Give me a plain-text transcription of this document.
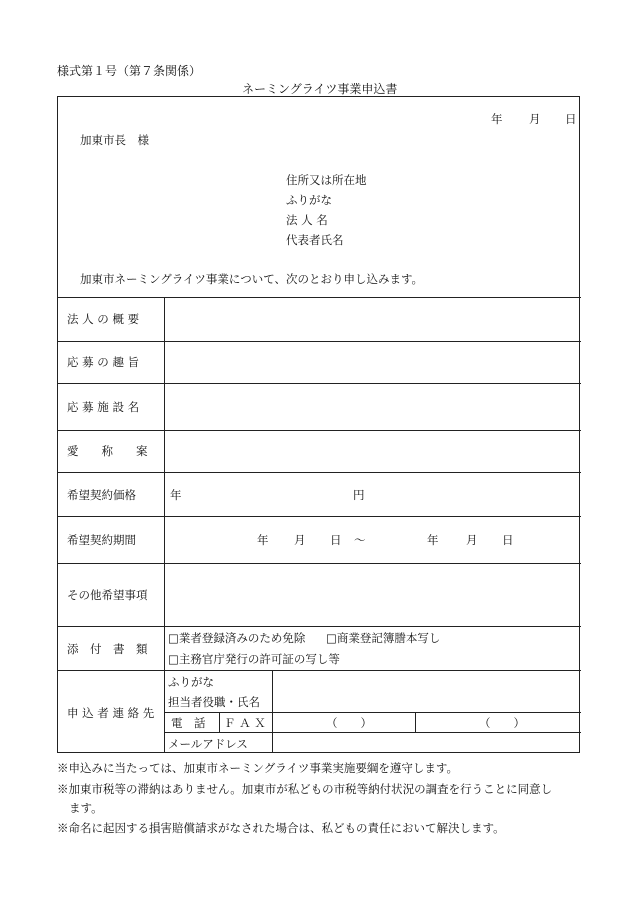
様式第１号（第７条関係）
ネーミングライツ事業申込書
年 月 日
加東市長　様
住所又は所在地
ふりがな
法 人 名
代表者氏名
加東市ネーミングライツ事業について、次のとおり申し込みます。
法 人 の 概 要
応 募 の 趣 旨
応 募 施 設 名
愛　　称　　案
希望契約価格	年	円
希望契約期間	年 月 日 ～	年 月 日
その他希望事項
添　付　書　類
□業者登録済みのため免除 □商業登記簿謄本写し
□主務官庁発行の許可証の写し等
申 込 者 連 絡 先
ふりがな
担当者役職・氏名
電　話 Ｆ Ａ Ｘ	（　　）	（　　）
メールアドレス
※申込みに当たっては、加東市ネーミングライツ事業実施要綱を遵守します。
※加東市税等の滞納はありません。加東市が私どもの市税等納付状況の調査を行うことに同意し
ます。
※命名に起因する損害賠償請求がなされた場合は、私どもの責任において解決します。
